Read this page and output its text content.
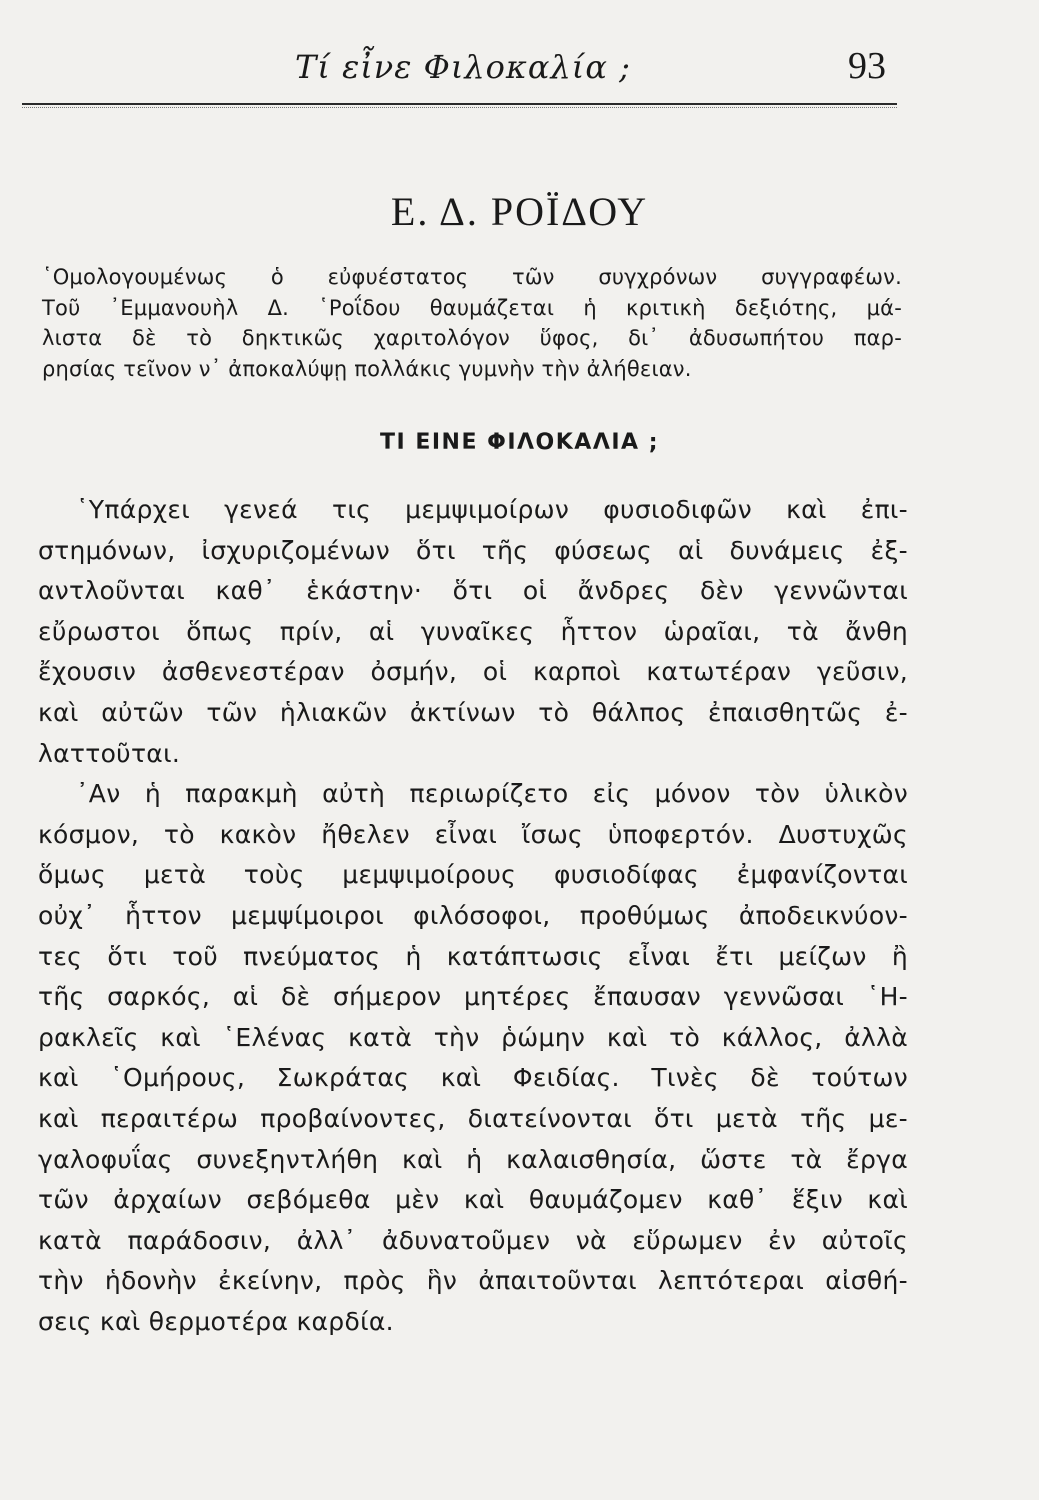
Τί εἶνε Φιλοκαλία ;	93
Ε. Δ. ΡΟΪΔΟΥ
῾Ομολογουμένως ὁ εὐφυέστατος τῶν συγχρόνων συγγραφέων.
Τοῦ ᾿Εμμανουὴλ Δ. ῾Ροΐδου θαυμάζεται ἡ κριτικὴ δεξιότης, μά-
λιστα δὲ τὸ δηκτικῶς χαριτολόγον ὕφος, δι᾿ ἀδυσωπήτου παρ-
ρησίας τεῖνον ν᾿ ἀποκαλύψῃ πολλάκις γυμνὴν τὴν ἀλήθειαν.
ΤΙ ΕΙΝΕ ΦΙΛΟΚΑΛΙΑ ;
῾Υπάρχει γενεά τις μεμψιμοίρων φυσιοδιφῶν καὶ ἐπι-
στημόνων, ἰσχυριζομένων ὅτι τῆς φύσεως αἱ δυνάμεις ἐξ-
αντλοῦνται καθ᾿ ἑκάστην· ὅτι οἱ ἄνδρες δὲν γεννῶνται
εὔρωστοι ὅπως πρίν, αἱ γυναῖκες ἧττον ὡραῖαι, τὰ ἄνθη
ἔχουσιν ἀσθενεστέραν ὀσμήν, οἱ καρποὶ κατωτέραν γεῦσιν,
καὶ αὐτῶν τῶν ἡλιακῶν ἀκτίνων τὸ θάλπος ἐπαισθητῶς ἐ-
λαττοῦται.
᾿Αν ἡ παρακμὴ αὐτὴ περιωρίζετο εἰς μόνον τὸν ὑλικὸν
κόσμον, τὸ κακὸν ἤθελεν εἶναι ἴσως ὑποφερτόν. Δυστυχῶς
ὅμως μετὰ τοὺς μεμψιμοίρους φυσιοδίφας ἐμφανίζονται
οὐχ᾿ ἧττον μεμψίμοιροι φιλόσοφοι, προθύμως ἀποδεικνύον-
τες ὅτι τοῦ πνεύματος ἡ κατάπτωσις εἶναι ἔτι μείζων ἢ
τῆς σαρκός, αἱ δὲ σήμερον μητέρες ἔπαυσαν γεννῶσαι ῾Η-
ρακλεῖς καὶ ῾Ελένας κατὰ τὴν ῥώμην καὶ τὸ κάλλος, ἀλλὰ
καὶ ῾Ομήρους, Σωκράτας καὶ Φειδίας. Τινὲς δὲ τούτων
καὶ περαιτέρω προβαίνοντες, διατείνονται ὅτι μετὰ τῆς με-
γαλοφυΐας συνεξηντλήθη καὶ ἡ καλαισθησία, ὥστε τὰ ἔργα
τῶν ἀρχαίων σεβόμεθα μὲν καὶ θαυμάζομεν καθ᾿ ἕξιν καὶ
κατὰ παράδοσιν, ἀλλ᾿ ἀδυνατοῦμεν νὰ εὕρωμεν ἐν αὐτοῖς
τὴν ἡδονὴν ἐκείνην, πρὸς ἣν ἀπαιτοῦνται λεπτότεραι αἰσθή-
σεις καὶ θερμοτέρα καρδία.
